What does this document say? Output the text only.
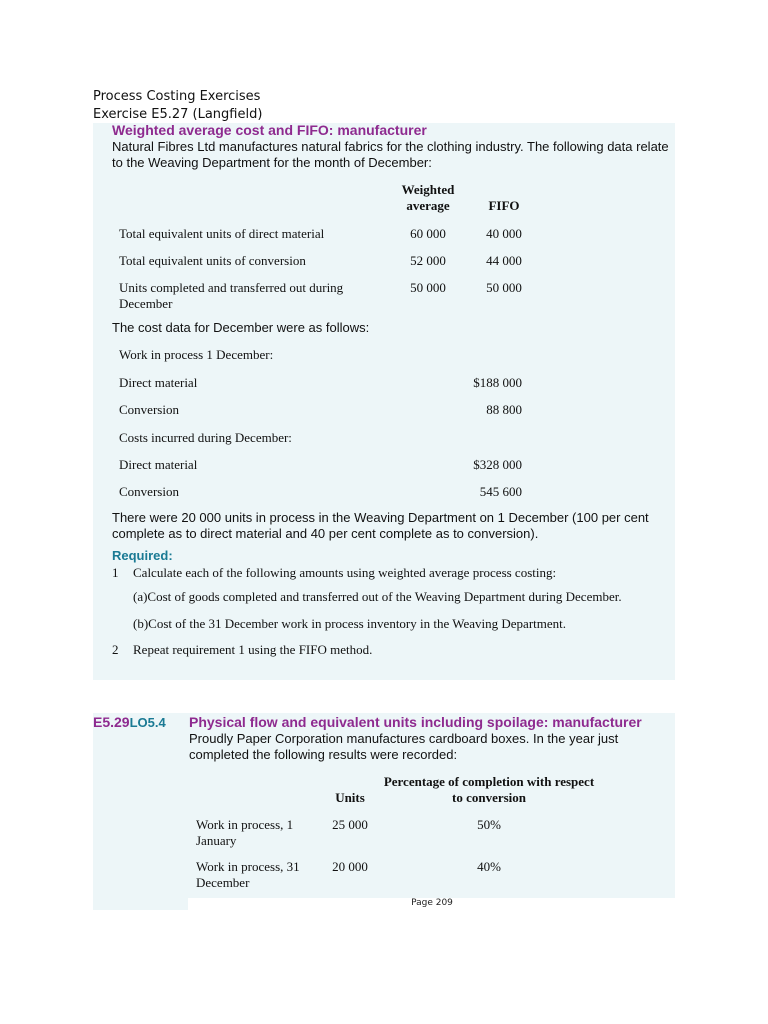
Process Costing Exercises
Exercise E5.27 (Langfield)
Weighted average cost and FIFO: manufacturer
Natural Fibres Ltd manufactures natural fabrics for the clothing industry. The following data relate
to the Weaving Department for the month of December:
Weighted
average	FIFO
Total equivalent units of direct material	60 000	40 000
Total equivalent units of conversion	52 000	44 000
Units completed and transferred out during
December
50 000	50 000
The cost data for December were as follows:
Work in process 1 December:
Direct material	$188 000
Conversion	88 800
Costs incurred during December:
Direct material	$328 000
Conversion	545 600
There were 20 000 units in process in the Weaving Department on 1 December (100 per cent
complete as to direct material and 40 per cent complete as to conversion).
Required:
1 Calculate each of the following amounts using weighted average process costing:
(a)Cost of goods completed and transferred out of the Weaving Department during December.
(b)Cost of the 31 December work in process inventory in the Weaving Department.
2 Repeat requirement 1 using the FIFO method.
E5.29LO5.4 Physical flow and equivalent units including spoilage: manufacturer
Proudly Paper Corporation manufactures cardboard boxes. In the year just
completed the following results were recorded:
Units
Percentage of completion with respect
to conversion
Work in process, 1
January
25 000	50%
Work in process, 31
December
20 000	40%
Page 209
